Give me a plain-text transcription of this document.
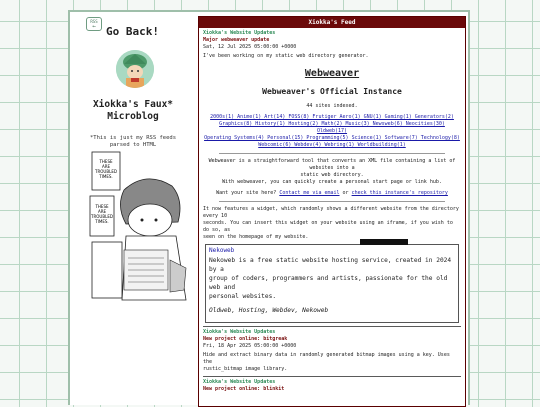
RSS
← Go Back!
Xiokka's Faux*
Microblog
*This is just my RSS feeds
parsed to HTML
THESE
ARE
TROUBLED
TIMES.
THESE
ARE
TROUBLED
TIMES.
Xiokka's Feed
Xiokka's Website Updates
Major webweaver update
Sat, 12 Jul 2025 05:00:00 +0000
I've been working on my static web directory generator.
Webweaver
Webweaver's Official Instance
44 sites indexed.
2000s(1) Anime(1) Art(14) FOSS(8) Frutiger Aero(1) GNU(1) Gaming(1) Generators(2)
Graphics(8) History(1) Hosting(2) Math(2) Music(3) Newsweb(6) Neocities(30) Oldweb(17)
Operating Systems(4) Personal(15) Programming(5) Science(1) Software(7) Technology(8)
Webcomic(6) Webdev(4) Webring(1) Worldbuilding(1)
Webweaver is a straightforward tool that converts an XML file containing a list of websites into a
static web directory.
With webweaver, you can quickly create a personal start page or link hub.
Want your site here? Contact me via email or check this instance's repository
It now features a widget, which randomly shows a different website from the directory every 10
seconds. You can insert this widget on your website using an iframe, if you wish to do so, as
seen on the homepage of my website.
Nekoweb
Nekoweb is a free static website hosting service, created in 2024 by a
group of coders, programmers and artists, passionate for the old web and
personal websites.
Oldweb, Hosting, Webdev, Nekoweb
Xiokka's Website Updates
New project online: bitgreak
Fri, 18 Apr 2025 05:00:00 +0000
Hide and extract binary data in randomly generated bitmap images using a key. Uses the
rustic_bitmap image library.
Xiokka's Website Updates
New project online: blinkit
